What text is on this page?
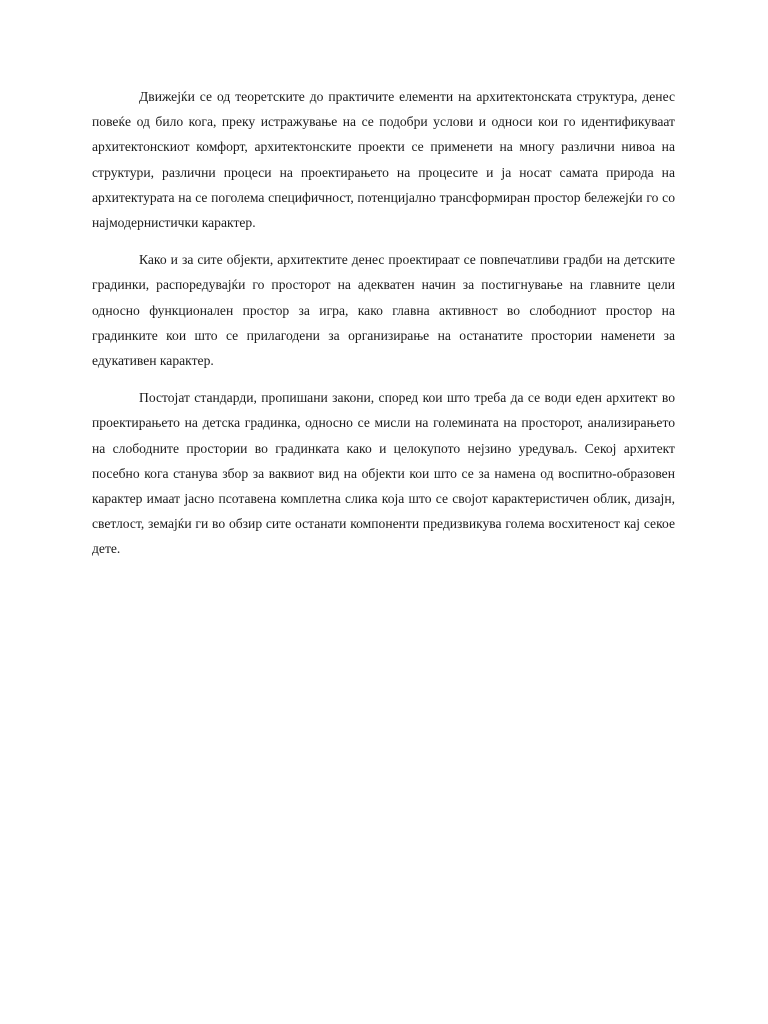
Движејќи се од теоретските до практичите елементи на архитектонската структура, денес повеќе од било кога, преку истражување на се подобри услови и односи кои го идентификуваат архитектонскиот комфорт, архитектонските проекти се применети на многу различни нивоа на структури, различни процеси на проектирањето на процесите и ја носат самата природа на архитектурата на се поголема специфичност, потенцијално трансформиран простор бележејќи го со најмодернистички карактер.

Како и за сите објекти, архитектите денес проектираат се повпечатливи градби на детските градинки, распоредувајќи го просторот на адекватен начин за постигнување на главните цели односно функционален простор за игра, како главна активност во слободниот простор на градинките кои што се прилагодени за организирање на останатите простории наменети за едукативен карактер.

Постојат стандарди, пропишани закони, според кои што треба да се води еден архитект во проектирањето на детска градинка, односно се мисли на големината на просторот, анализирањето на слободните простории во градинката како и целокупото нејзино уредуваљ. Секој архитект посебно кога станува збор за ваквиот вид на објекти кои што се за намена од воспитно-образовен карактер имаат јасно псотавена комплетна слика која што се својот карактеристичен облик, дизајн, светлост, земајќи ги во обзир сите останати компоненти предизвикува голема восхитеност кај секое дете.
